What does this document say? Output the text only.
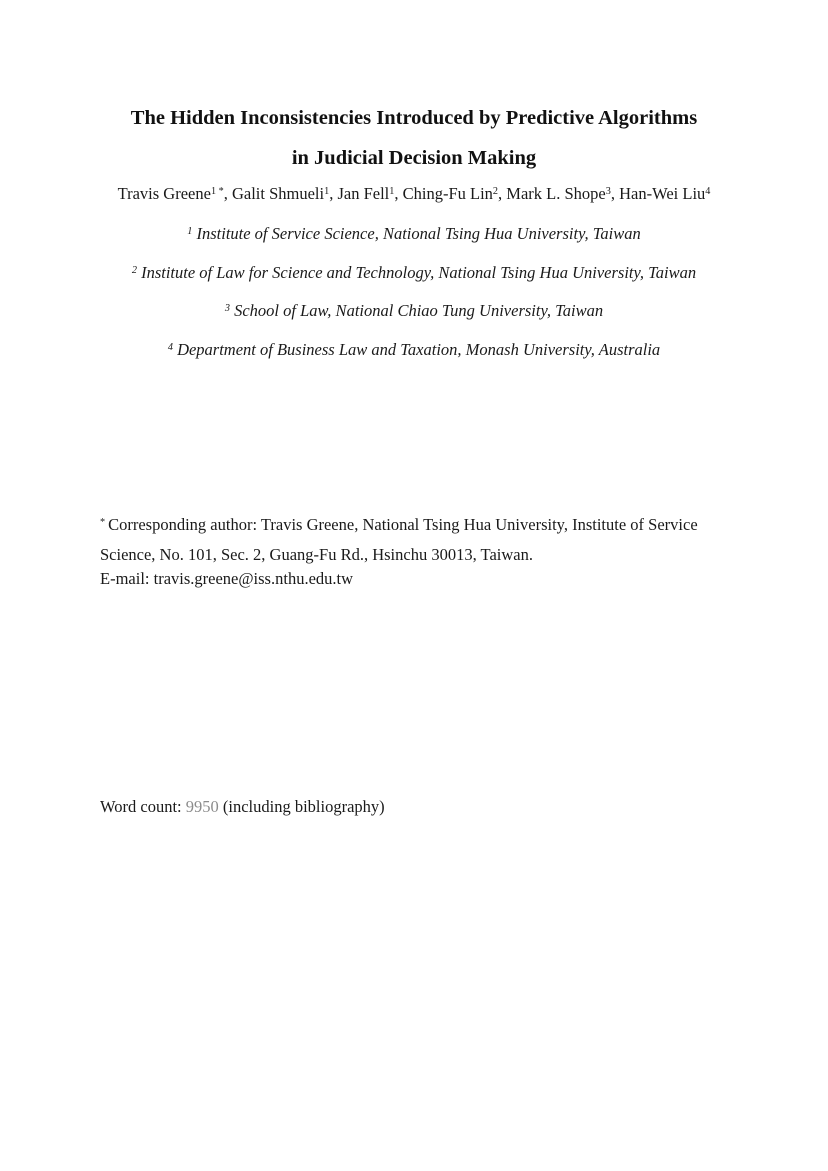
The Hidden Inconsistencies Introduced by Predictive Algorithms
in Judicial Decision Making
Travis Greene$^{1 *}$, Galit Shmueli$^1$, Jan Fell$^1$, Ching-Fu Lin$^2$, Mark L. Shope$^3$, Han-Wei Liu$^4$
$^1$ Institute of Service Science, National Tsing Hua University, Taiwan
$^2$ Institute of Law for Science and Technology, National Tsing Hua University, Taiwan
$^3$ School of Law, National Chiao Tung University, Taiwan
$^4$ Department of Business Law and Taxation, Monash University, Australia
* Corresponding author: Travis Greene, National Tsing Hua University, Institute of Service Science, No. 101, Sec. 2, Guang-Fu Rd., Hsinchu 30013, Taiwan.
E-mail: travis.greene@iss.nthu.edu.tw
Word count: 9950 (including bibliography)
